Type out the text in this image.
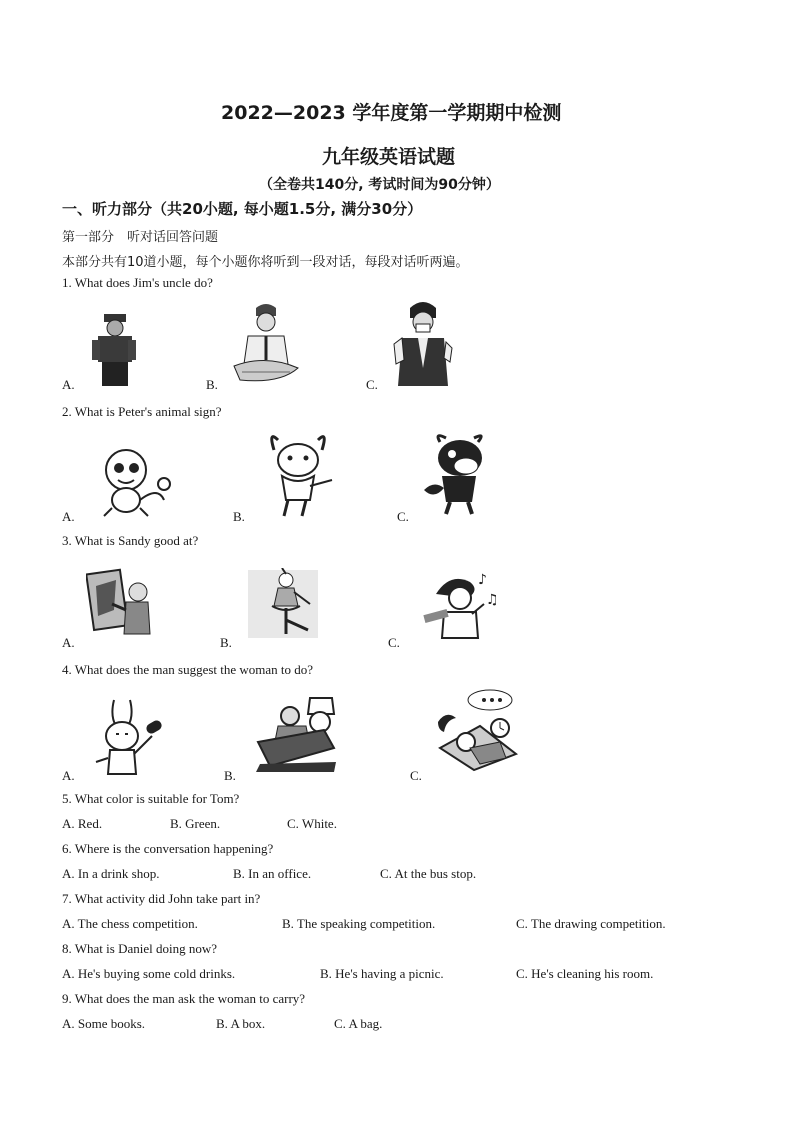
2022—2023 学年度第一学期期中检测
九年级英语试题
（全卷共140分, 考试时间为90分钟）
一、听力部分（共20小题, 每小题1.5分, 满分30分）
第一部分　听对话回答问题
本部分共有10道小题，每个小题你将听到一段对话，每段对话听两遍。
1. What does Jim's uncle do?
A.	B.	C.
2. What is Peter's animal sign?
A.	B.	C.
3. What is Sandy good at?
A.	B.	C.
♪
♫
4. What does the man suggest the woman to do?
A.	B.	C.
5. What color is suitable for Tom?
A. Red.	B. Green.	C. White.
6. Where is the conversation happening?
A. In a drink shop.	B. In an office.	C. At the bus stop.
7. What activity did John take part in?
A. The chess competition.	B. The speaking competition.	C. The drawing competition.
8. What is Daniel doing now?
A. He's buying some cold drinks.	B. He's having a picnic.	C. He's cleaning his room.
9. What does the man ask the woman to carry?
A. Some books.	B. A box.	C. A bag.
